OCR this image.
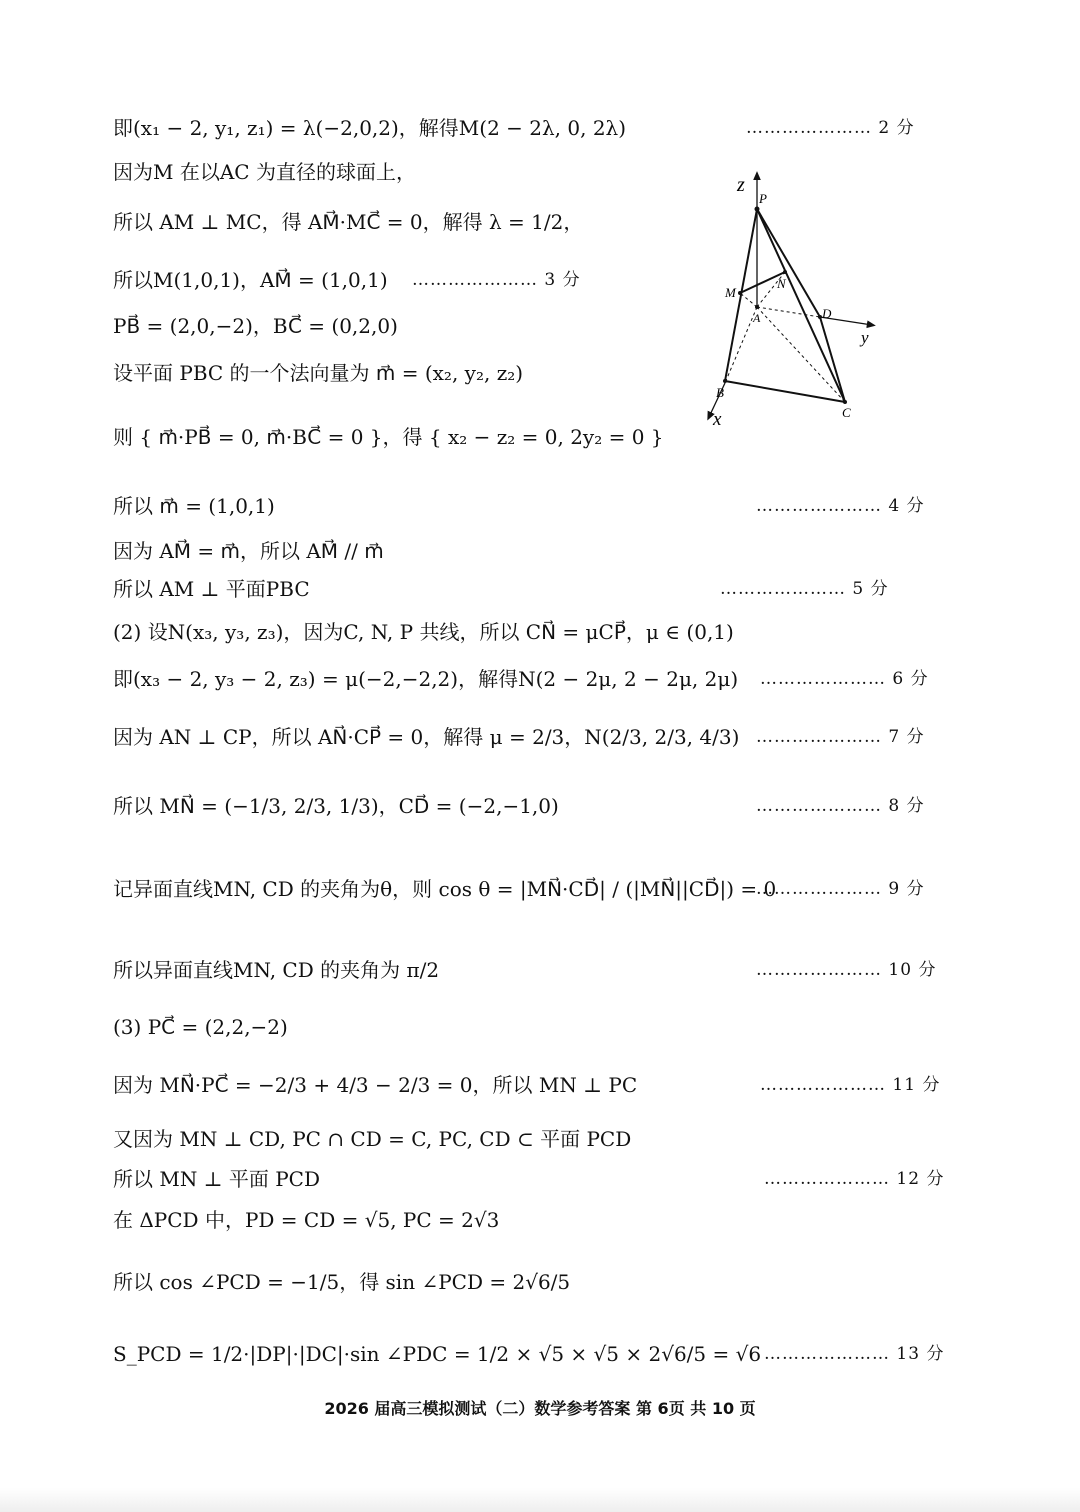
即(x₁ − 2, y₁, z₁) = λ(−2,0,2)，解得M(2 − 2λ, 0, 2λ)	………………… 2 分
因为M 在以AC 为直径的球面上，
所以 AM ⊥ MC，得 AM⃗·MC⃗ = 0，解得 λ = 1/2，
所以M(1,0,1)，AM⃗ = (1,0,1) ………………… 3 分
PB⃗ = (2,0,−2)，BC⃗ = (0,2,0)
设平面 PBC 的一个法向量为 m⃗ = (x₂, y₂, z₂)
则 { m⃗·PB⃗ = 0, m⃗·BC⃗ = 0 }，得 { x₂ − z₂ = 0, 2y₂ = 0 }
所以 m⃗ = (1,0,1)	………………… 4 分
因为 AM⃗ = m⃗，所以 AM⃗ // m⃗
所以 AM ⊥ 平面PBC	………………… 5 分
(2) 设N(x₃, y₃, z₃)，因为C, N, P 共线，所以 CN⃗ = μCP⃗，μ ∈ (0,1)
即(x₃ − 2, y₃ − 2, z₃) = μ(−2,−2,2)，解得N(2 − 2μ, 2 − 2μ, 2μ) ………………… 6 分
因为 AN ⊥ CP，所以 AN⃗·CP⃗ = 0，解得 μ = 2/3，N(2/3, 2/3, 4/3) ………………… 7 分
所以 MN⃗ = (−1/3, 2/3, 1/3)，CD⃗ = (−2,−1,0)	………………… 8 分
记异面直线MN, CD 的夹角为θ，则 cos θ = |MN⃗·CD⃗| / (|MN⃗||CD⃗|) = 0
………………… 9 分
所以异面直线MN, CD 的夹角为 π/2	………………… 10 分
(3) PC⃗ = (2,2,−2)
因为 MN⃗·PC⃗ = −2/3 + 4/3 − 2/3 = 0，所以 MN ⊥ PC	………………… 11 分
又因为 MN ⊥ CD, PC ∩ CD = C, PC, CD ⊂ 平面 PCD
所以 MN ⊥ 平面 PCD	………………… 12 分
在 ΔPCD 中，PD = CD = √5, PC = 2√3
所以 cos ∠PCD = −1/5，得 sin ∠PCD = 2√6/5
S_PCD = 1/2·|DP|·|DC|·sin ∠PDC = 1/2 × √5 × √5 × 2√6/5 = √6 ………………… 13 分
z
y
x
P
M
N
A	D
B
C
2026 届高三模拟测试（二）数学参考答案 第 6页 共 10 页
